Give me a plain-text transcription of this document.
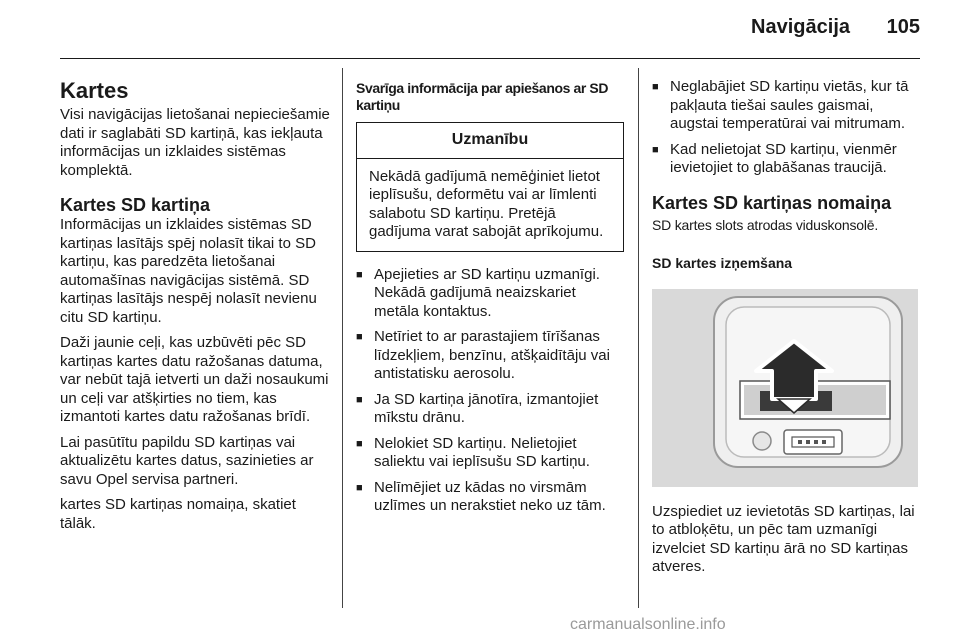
Navigācija	105
Kartes

Visi navigācijas lietošanai nepieciešamie dati ir saglabāti SD kartiņā, kas iekļauta informācijas un izklaides sistēmas komplektā.

Kartes SD kartiņa

Informācijas un izklaides sistēmas SD kartiņas lasītājs spēj nolasīt tikai to SD kartiņu, kas paredzēta lietošanai automašīnas navigācijas sistēmā. SD kartiņas lasītājs nespēj nolasīt nevienu citu SD kartiņu.

Daži jaunie ceļi, kas uzbūvēti pēc SD kartiņas kartes datu ražošanas datuma, var nebūt tajā ietverti un daži nosaukumi un ceļi var atšķirties no tiem, kas izmantoti kartes datu ražošanas brīdī.

Lai pasūtītu papildu SD kartiņas vai aktualizētu kartes datus, sazinieties ar savu Opel servisa partneri.

kartes SD kartiņas nomaiņa, skatiet tālāk.

Svarīga informācija par apiešanos ar SD kartiņu
Uzmanību
Nekādā gadījumā nemēģiniet lietot ieplīsušu, deformētu vai ar līmlenti salabotu SD kartiņu. Pretējā gadījuma varat sabojāt aprīkojumu.
■ Apejieties ar SD kartiņu uzmanīgi. Nekādā gadījumā neaizskariet metāla kontaktus.
■ Netīriet to ar parastajiem tīrīšanas līdzekļiem, benzīnu, atšķaidītāju vai antistatisku aerosolu.
■ Ja SD kartiņa jānotīra, izmantojiet mīkstu drānu.
■ Nelokiet SD kartiņu. Nelietojiet saliektu vai ieplīsušu SD kartiņu.
■ Nelīmējiet uz kādas no virsmām uzlīmes un nerakstiet neko uz tām.
■ Neglabājiet SD kartiņu vietās, kur tā pakļauta tiešai saules gaismai, augstai temperatūrai vai mitrumam.
■ Kad nelietojat SD kartiņu, vienmēr ievietojiet to glabāšanas traucijā.
Kartes SD kartiņas nomaiņa

SD kartes slots atrodas viduskonsolē.

SD kartes izņemšana

Uzspiediet uz ievietotās SD kartiņas, lai to atbloķētu, un pēc tam uzmanīgi izvelciet SD kartiņu ārā no SD kartiņas atveres.

carmanualsonline.info
